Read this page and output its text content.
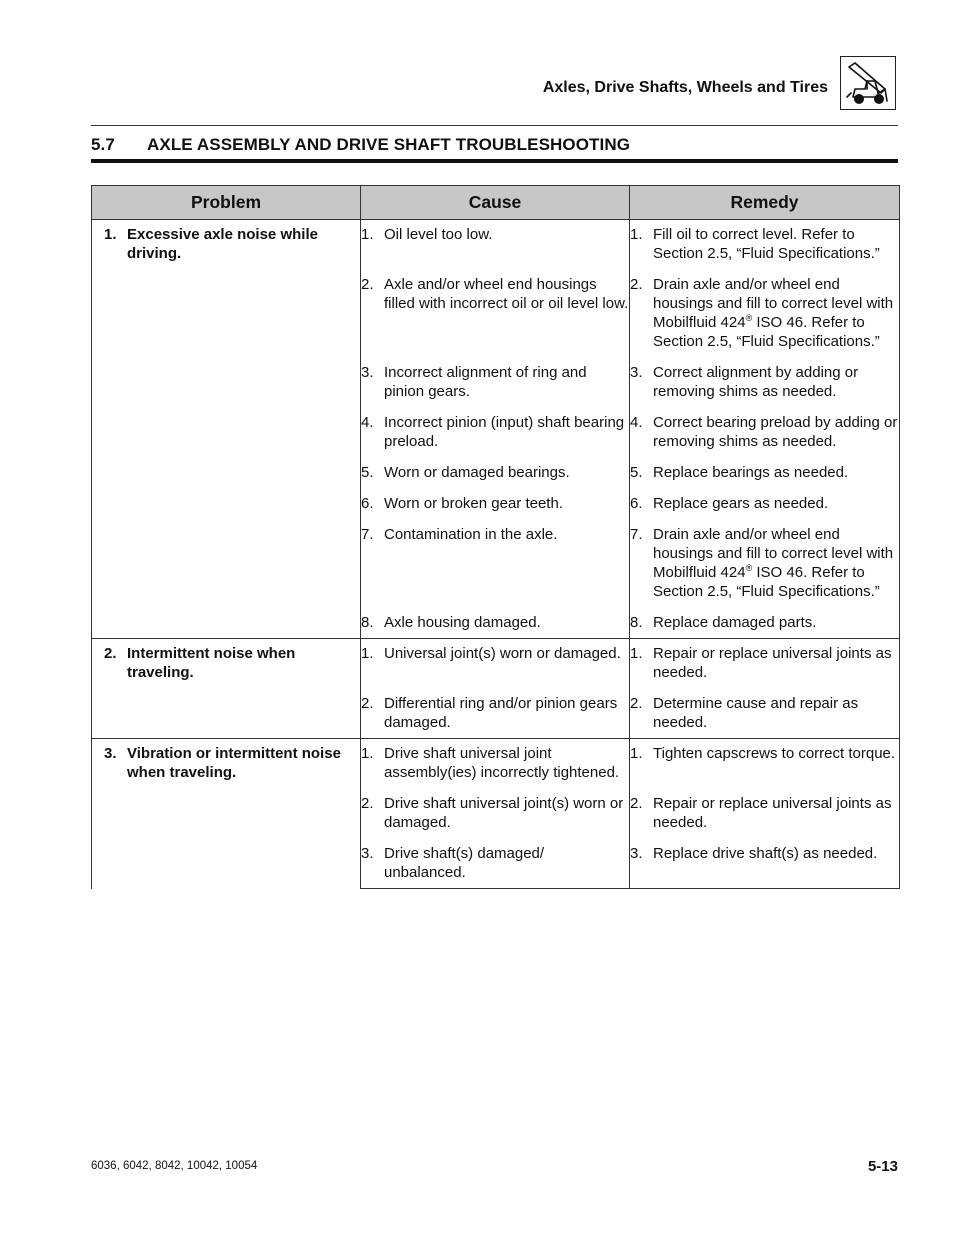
Axles, Drive Shafts, Wheels and Tires
5.7 AXLE ASSEMBLY AND DRIVE SHAFT TROUBLESHOOTING
Problem	Cause	Remedy

1. Excessive axle noise while driving.	1. Oil level too low.	1. Fill oil to correct level. Refer to Section 2.5, “Fluid Specifications.”

	2. Axle and/or wheel end housings filled with incorrect oil or oil level low.	2. Drain axle and/or wheel end housings and fill to correct level with Mobilfluid 424® ISO 46. Refer to Section 2.5, “Fluid Specifications.”

	3. Incorrect alignment of ring and pinion gears.	3. Correct alignment by adding or removing shims as needed.

	4. Incorrect pinion (input) shaft bearing preload.	4. Correct bearing preload by adding or removing shims as needed.

	5. Worn or damaged bearings.	5. Replace bearings as needed.

	6. Worn or broken gear teeth.	6. Replace gears as needed.

	7. Contamination in the axle.	7. Drain axle and/or wheel end housings and fill to correct level with Mobilfluid 424® ISO 46. Refer to Section 2.5, “Fluid Specifications.”

	8. Axle housing damaged.	8. Replace damaged parts.

2. Intermittent noise when traveling.	1. Universal joint(s) worn or damaged.	1. Repair or replace universal joints as needed.

	2. Differential ring and/or pinion gears damaged.	2. Determine cause and repair as needed.

3. Vibration or intermittent noise when traveling.	1. Drive shaft universal joint assembly(ies) incorrectly tightened.	1. Tighten capscrews to correct torque.

	2. Drive shaft universal joint(s) worn or damaged.	2. Repair or replace universal joints as needed.

	3. Drive shaft(s) damaged/ unbalanced.	3. Replace drive shaft(s) as needed.
6036, 6042, 8042, 10042, 10054	5-13
